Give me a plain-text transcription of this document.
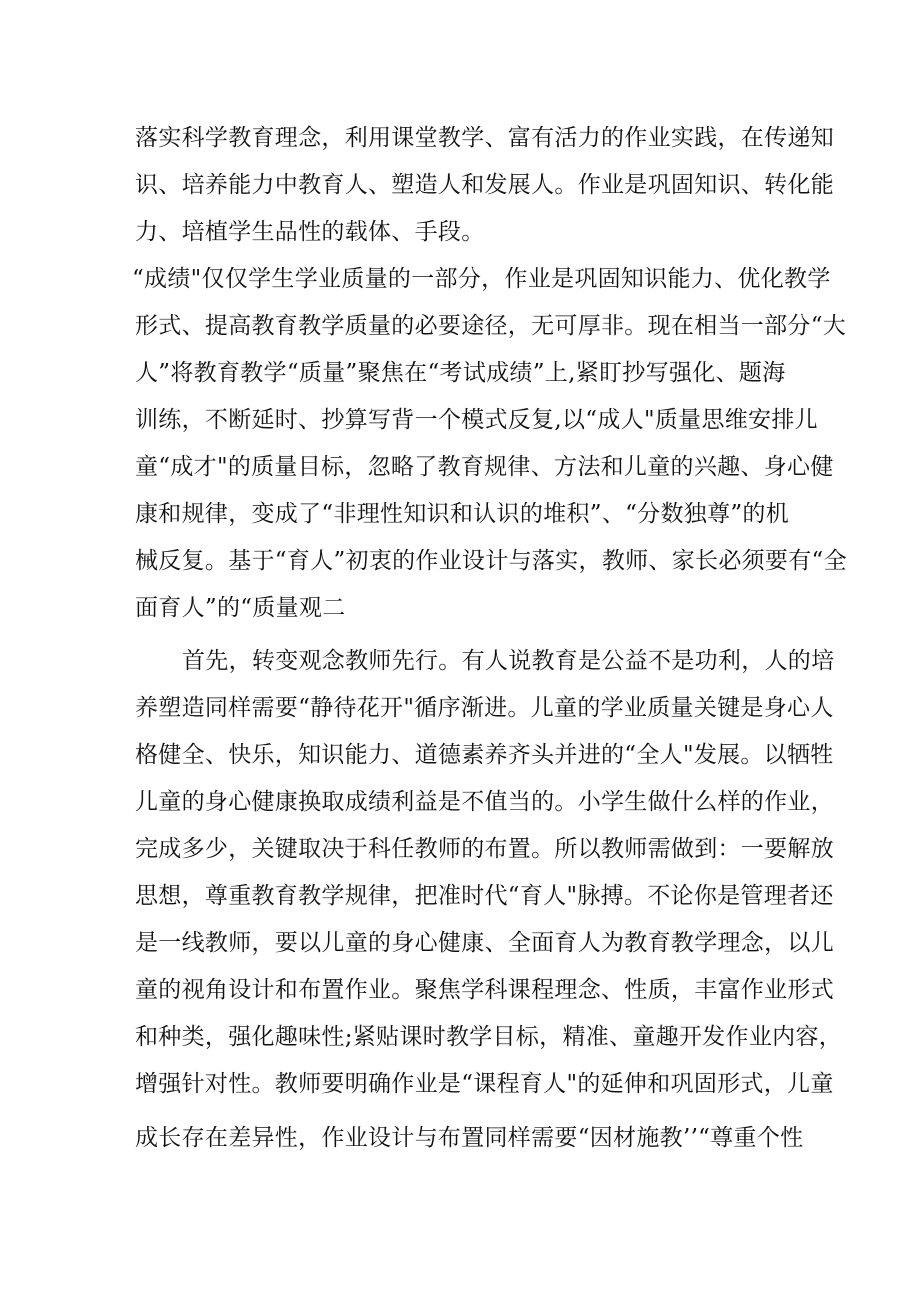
落实科学教育理念，利用课堂教学、富有活力的作业实践，在传递知
识、培养能力中教育人、塑造人和发展人。作业是巩固知识、转化能
力、培植学生品性的载体、手段。
“成绩"仅仅学生学业质量的一部分，作业是巩固知识能力、优化教学
形式、提高教育教学质量的必要途径，无可厚非。现在相当一部分“大
人”将教育教学“质量”聚焦在“考试成绩”上,紧盯抄写强化、题海
训练，不断延时、抄算写背一个模式反复,以“成人"质量思维安排儿
童“成才"的质量目标，忽略了教育规律、方法和儿童的兴趣、身心健
康和规律，变成了“非理性知识和认识的堆积”、“分数独尊”的机
械反复。基于“育人”初衷的作业设计与落实，教师、家长必须要有“全
面育人”的“质量观二
首先，转变观念教师先行。有人说教育是公益不是功利，人的培
养塑造同样需要“静待花开"循序渐进。儿童的学业质量关键是身心人
格健全、快乐，知识能力、道德素养齐头并进的“全人"发展。以牺牲
儿童的身心健康换取成绩利益是不值当的。小学生做什么样的作业，
完成多少，关键取决于科任教师的布置。所以教师需做到：一要解放
思想，尊重教育教学规律，把准时代“育人"脉搏。不论你是管理者还
是一线教师，要以儿童的身心健康、全面育人为教育教学理念，以儿
童的视角设计和布置作业。聚焦学科课程理念、性质，丰富作业形式
和种类，强化趣味性;紧贴课时教学目标，精准、童趣开发作业内容，
增强针对性。教师要明确作业是“课程育人"的延伸和巩固形式，儿童
成长存在差异性，作业设计与布置同样需要“因材施教’’“尊重个性
